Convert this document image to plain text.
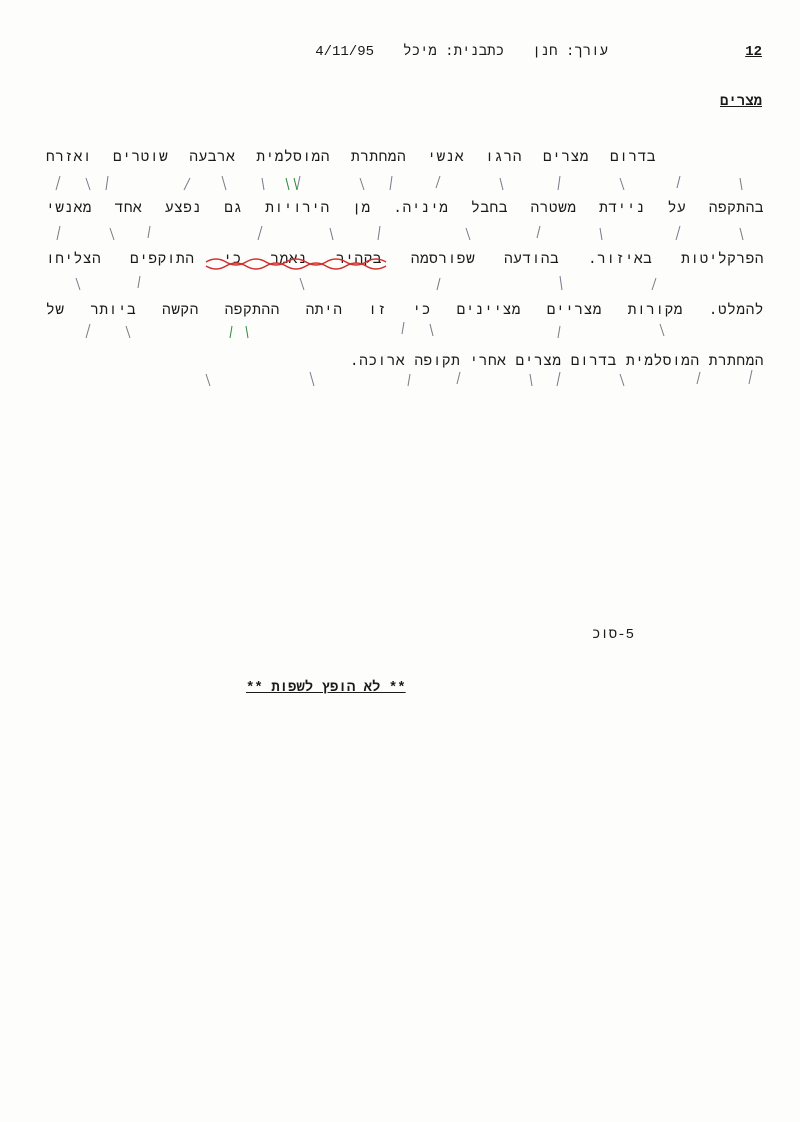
12
עורך: חנן
כתבנית: מיכל
4/11/95
מצרים
בדרום מצרים הרגו אנשי המחתרת המוסלמית ארבעה שוטרים ואזרח
בהתקפה על ניידת משטרה בחבל מיניה. מן הירויות גם נפצע אחד מאנשי
הפרקליטות באיזור. בהודעה שפורסמה בקהיר נאמר כי התוקפים הצליחו
להמלט. מקורות מצריים מציינים כי זו היתה ההתקפה הקשה ביותר של
המחתרת המוסלמית בדרום מצרים אחרי תקופה ארוכה.
5-סוכ
** לא הופץ לשפות **
